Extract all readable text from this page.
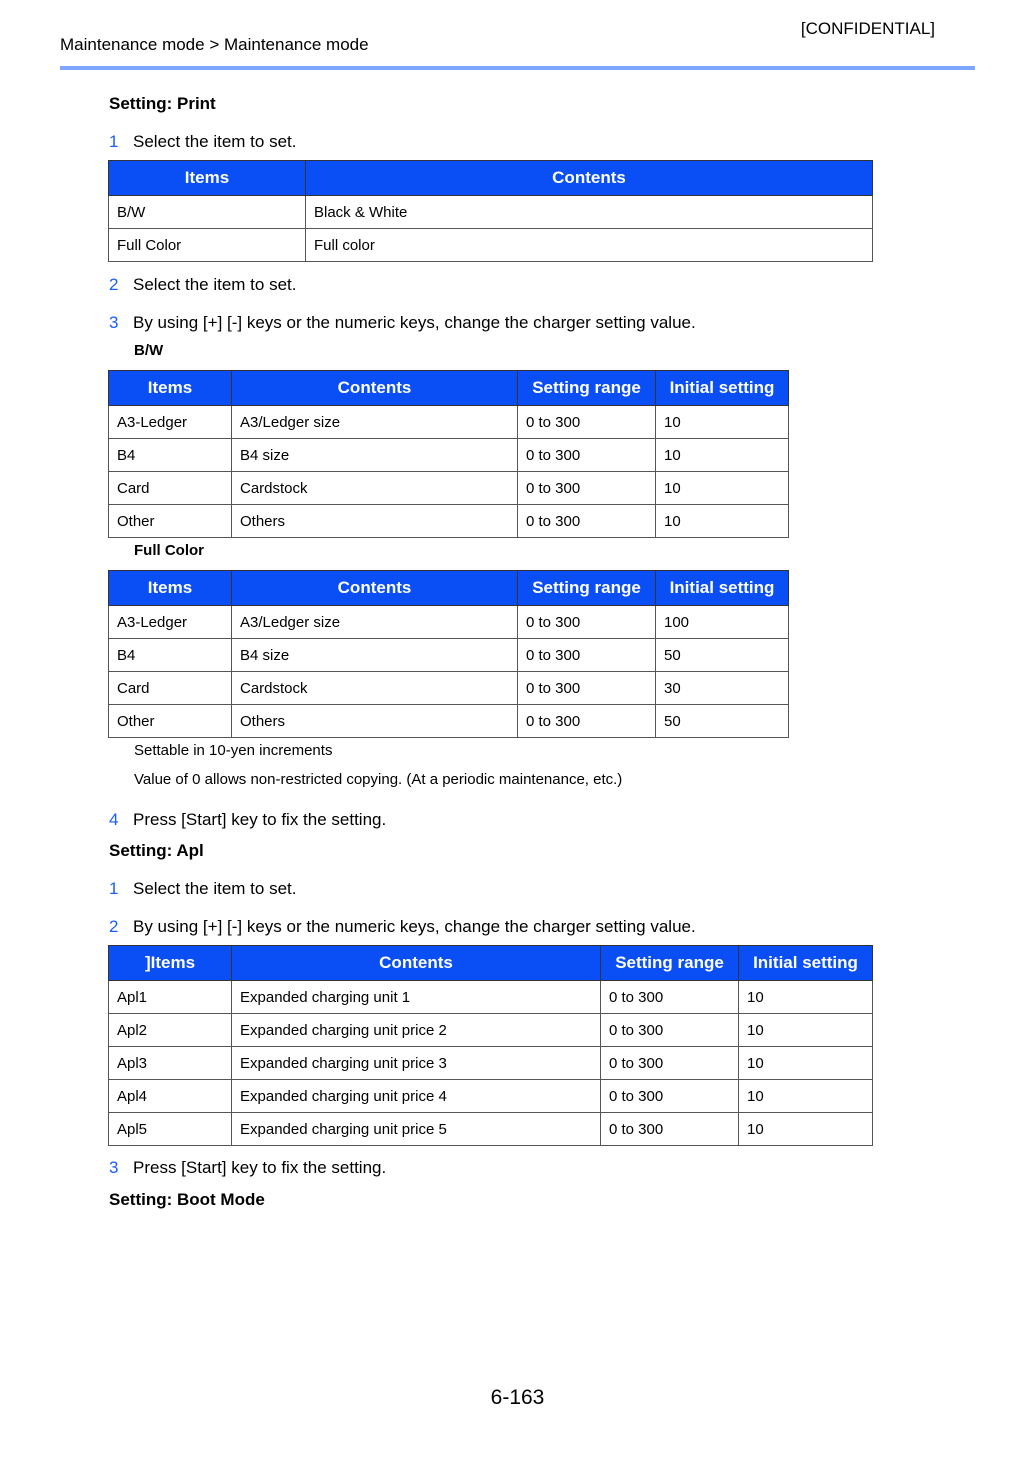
[CONFIDENTIAL]
Maintenance mode > Maintenance mode
Setting: Print
1 Select the item to set.
Items	Contents
B/W	Black & White
Full Color	Full color
2 Select the item to set.
3 By using [+] [-] keys or the numeric keys, change the charger setting value.
B/W
Items	Contents	Setting range	Initial setting
A3-Ledger	A3/Ledger size	0 to 300	10
B4	B4 size	0 to 300	10
Card	Cardstock	0 to 300	10
Other	Others	0 to 300	10
Full Color
Items	Contents	Setting range	Initial setting
A3-Ledger	A3/Ledger size	0 to 300	100
B4	B4 size	0 to 300	50
Card	Cardstock	0 to 300	30
Other	Others	0 to 300	50
Settable in 10-yen increments
Value of 0 allows non-restricted copying. (At a periodic maintenance, etc.)
4 Press [Start] key to fix the setting.
Setting: Apl
1 Select the item to set.
2 By using [+] [-] keys or the numeric keys, change the charger setting value.
]Items	Contents	Setting range	Initial setting
Apl1	Expanded charging unit 1	0 to 300	10
Apl2	Expanded charging unit price 2	0 to 300	10
Apl3	Expanded charging unit price 3	0 to 300	10
Apl4	Expanded charging unit price 4	0 to 300	10
Apl5	Expanded charging unit price 5	0 to 300	10
3 Press [Start] key to fix the setting.
Setting: Boot Mode
6-163
